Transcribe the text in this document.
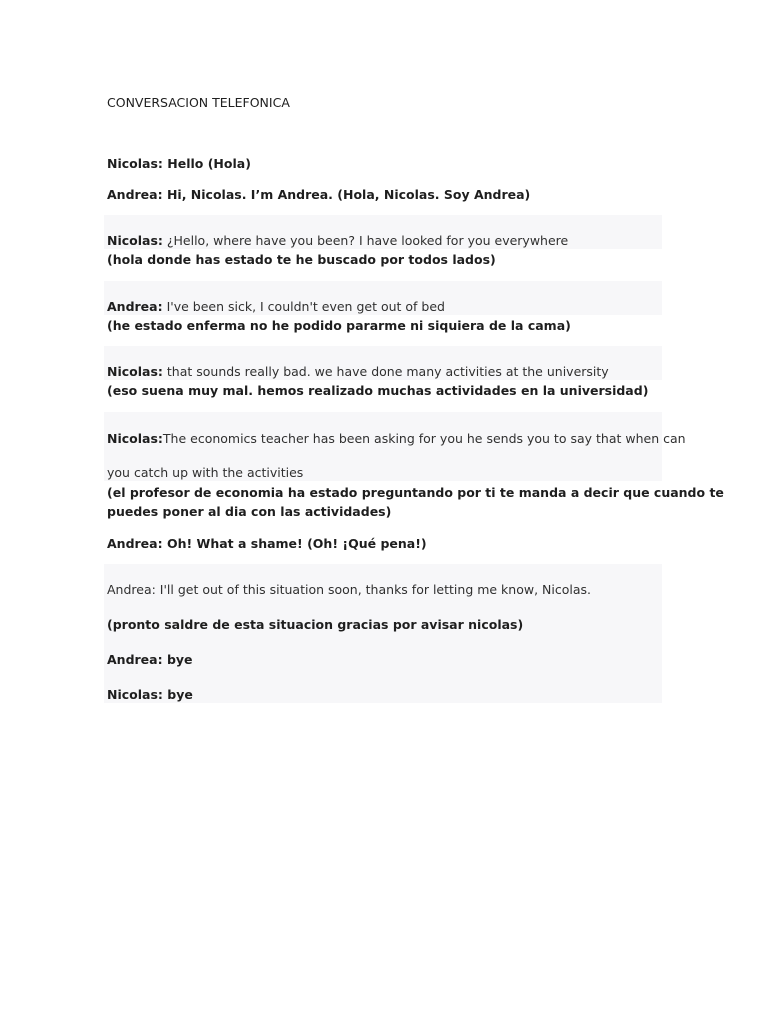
CONVERSACION TELEFONICA
Nicolas: Hello (Hola)
Andrea: Hi, Nicolas. I’m Andrea. (Hola, Nicolas. Soy Andrea)
Nicolas: ¿Hello, where have you been? I have looked for you everywhere
(hola donde has estado te he buscado por todos lados)
Andrea: I've been sick, I couldn't even get out of bed
(he estado enferma no he podido pararme ni siquiera de la cama)
Nicolas: that sounds really bad. we have done many activities at the university
(eso suena muy mal. hemos realizado muchas actividades en la universidad)
Nicolas:The economics teacher has been asking for you he sends you to say that when can
you catch up with the activities
(el profesor de economia ha estado preguntando por ti te manda a decir que cuando te
puedes poner al dia con las actividades)
Andrea: Oh! What a shame! (Oh! ¡Qué pena!)
Andrea: I'll get out of this situation soon, thanks for letting me know, Nicolas.
(pronto saldre de esta situacion gracias por avisar nicolas)
Andrea: bye
Nicolas: bye
